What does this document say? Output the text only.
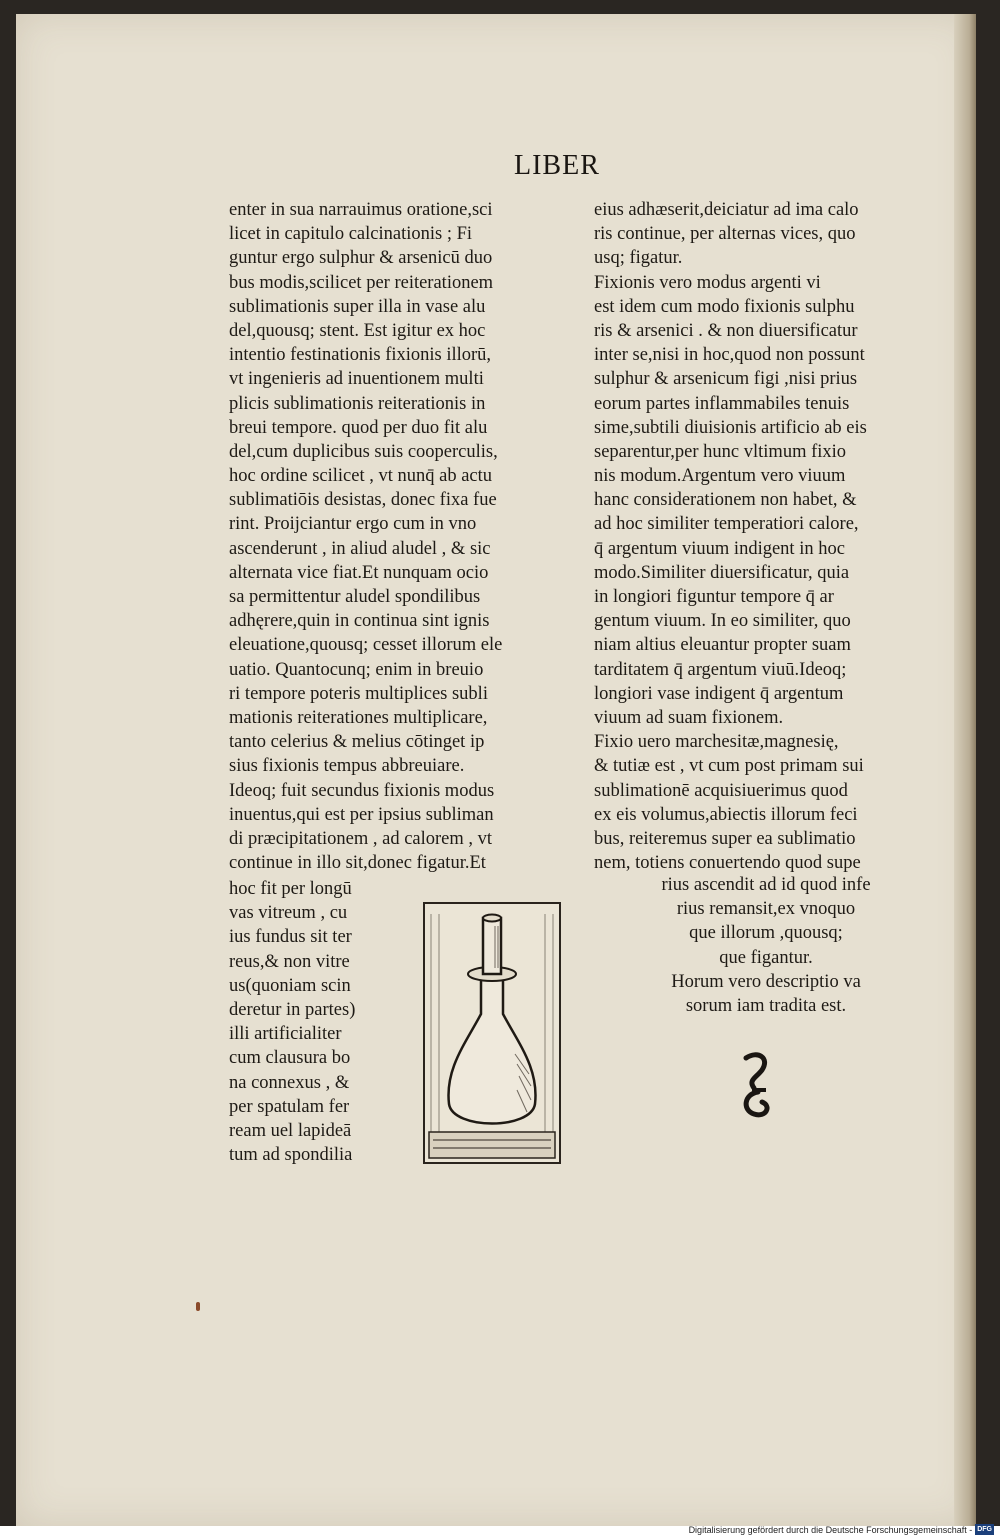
LIBER
enter in sua narrauimus oratione,sci
licet in capitulo calcinationis ; Fi
guntur ergo sulphur & arsenicū duo
bus modis,scilicet per reiterationem
sublimationis super illa in vase alu
del,quousq; stent. Est igitur ex hoc
intentio festinationis fixionis illorū,
vt ingenieris ad inuentionem multi
plicis sublimationis reiterationis in
breui tempore. quod per duo fit alu
del,cum duplicibus suis cooperculis,
hoc ordine scilicet , vt nunq̄ ab actu
sublimatiōis desistas, donec fixa fue
rint. Proijciantur ergo cum in vno
ascenderunt , in aliud aludel , & sic
alternata vice fiat.Et nunquam ocio
sa permittentur aludel spondilibus
adhęrere,quin in continua sint ignis
eleuatione,quousq; cesset illorum ele
uatio. Quantocunq; enim in breuio
ri tempore poteris multiplices subli
mationis reiterationes multiplicare,
tanto celerius & melius cōtinget ip
sius fixionis tempus abbreuiare.
Ideoq; fuit secundus fixionis modus
inuentus,qui est per ipsius subliman
di præcipitationem , ad calorem , vt
continue in illo sit,donec figatur.Et
hoc fit per longū
vas vitreum , cu
ius fundus sit ter
reus,& non vitre
us(quoniam scin
deretur in partes)
illi artificialiter
cum clausura bo
na connexus , &
per spatulam fer
ream uel lapideā
tum ad spondilia
eius adhæserit,deiciatur ad ima calo
ris continue, per alternas vices, quo
usq; figatur.
Fixionis vero modus argenti vi
est idem cum modo fixionis sulphu
ris & arsenici . & non diuersificatur
inter se,nisi in hoc,quod non possunt
sulphur & arsenicum figi ,nisi prius
eorum partes inflammabiles tenuis
sime,subtili diuisionis artificio ab eis
separentur,per hunc vltimum fixio
nis modum.Argentum vero viuum
hanc considerationem non habet, &
ad hoc similiter temperatiori calore,
q̄ argentum viuum indigent in hoc
modo.Similiter diuersificatur, quia
in longiori figuntur tempore q̄ ar
gentum viuum. In eo similiter, quo
niam altius eleuantur propter suam
tarditatem q̄ argentum viuū.Ideoq;
longiori vase indigent q̄ argentum
viuum ad suam fixionem.
Fixio uero marchesitæ,magnesię,
& tutiæ est , vt cum post primam sui
sublimationē acquisiuerimus quod
ex eis volumus,abiectis illorum feci
bus, reiteremus super ea sublimatio
nem, totiens conuertendo quod supe
rius ascendit ad id quod infe
rius remansit,ex vnoquo
que illorum ,quousq;
que figantur.
Horum vero descriptio va
sorum iam tradita est.
Digitalisierung gefördert durch die Deutsche Forschungsgemeinschaft - DFG
